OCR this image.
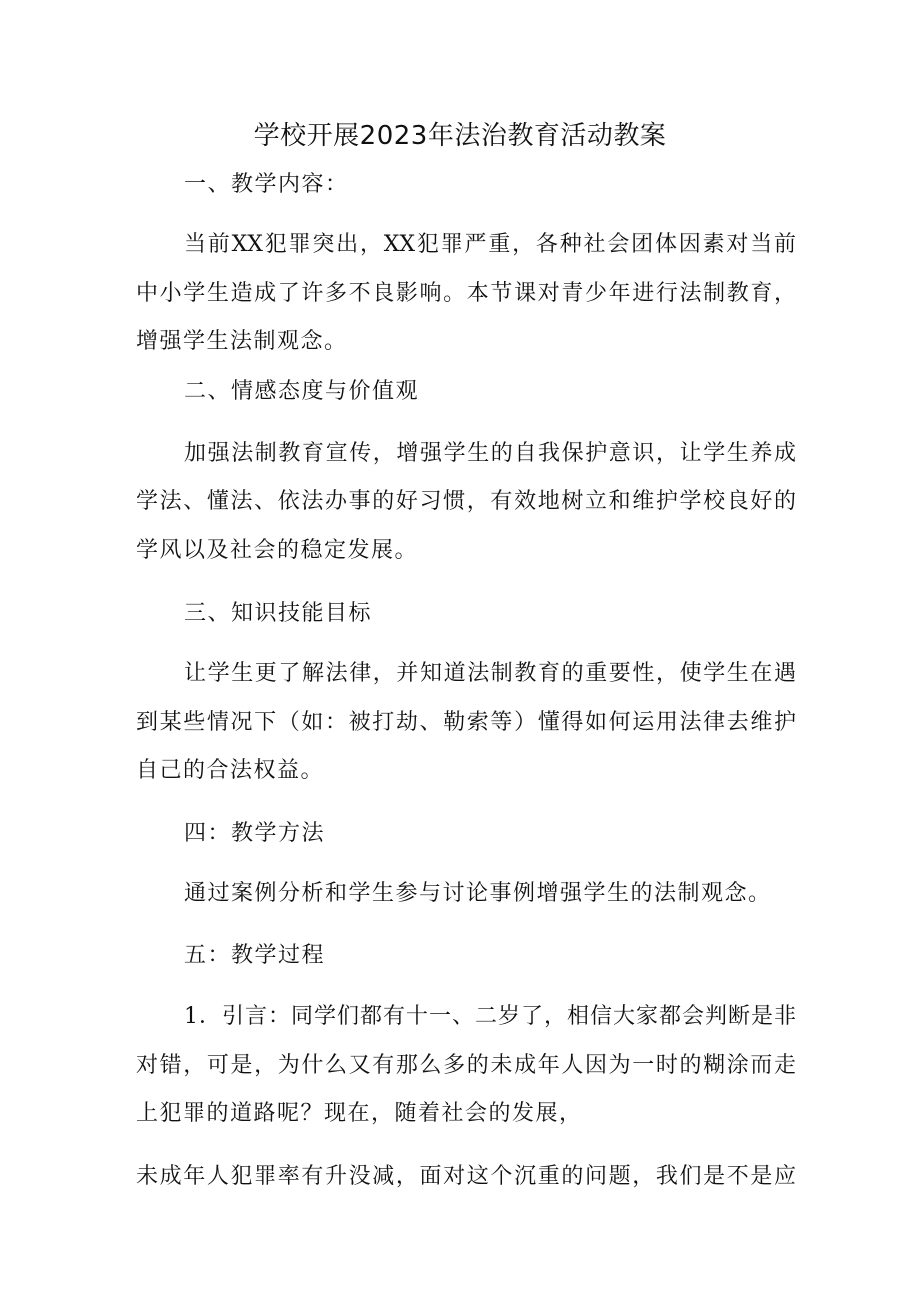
学校开展2023年法治教育活动教案
一、教学内容：
当前XX犯罪突出，XX犯罪严重，各种社会团体因素对当前
中小学生造成了许多不良影响。本节课对青少年进行法制教育，
增强学生法制观念。
二、情感态度与价值观
加强法制教育宣传，增强学生的自我保护意识，让学生养成
学法、懂法、依法办事的好习惯，有效地树立和维护学校良好的
学风以及社会的稳定发展。
三、知识技能目标
让学生更了解法律，并知道法制教育的重要性，使学生在遇
到某些情况下（如：被打劫、勒索等）懂得如何运用法律去维护
自己的合法权益。
四：教学方法
通过案例分析和学生参与讨论事例增强学生的法制观念。
五：教学过程
1．引言：同学们都有十一、二岁了，相信大家都会判断是非
对错，可是，为什么又有那么多的未成年人因为一时的糊涂而走
上犯罪的道路呢？现在，随着社会的发展，
未成年人犯罪率有升没减，面对这个沉重的问题，我们是不是应
